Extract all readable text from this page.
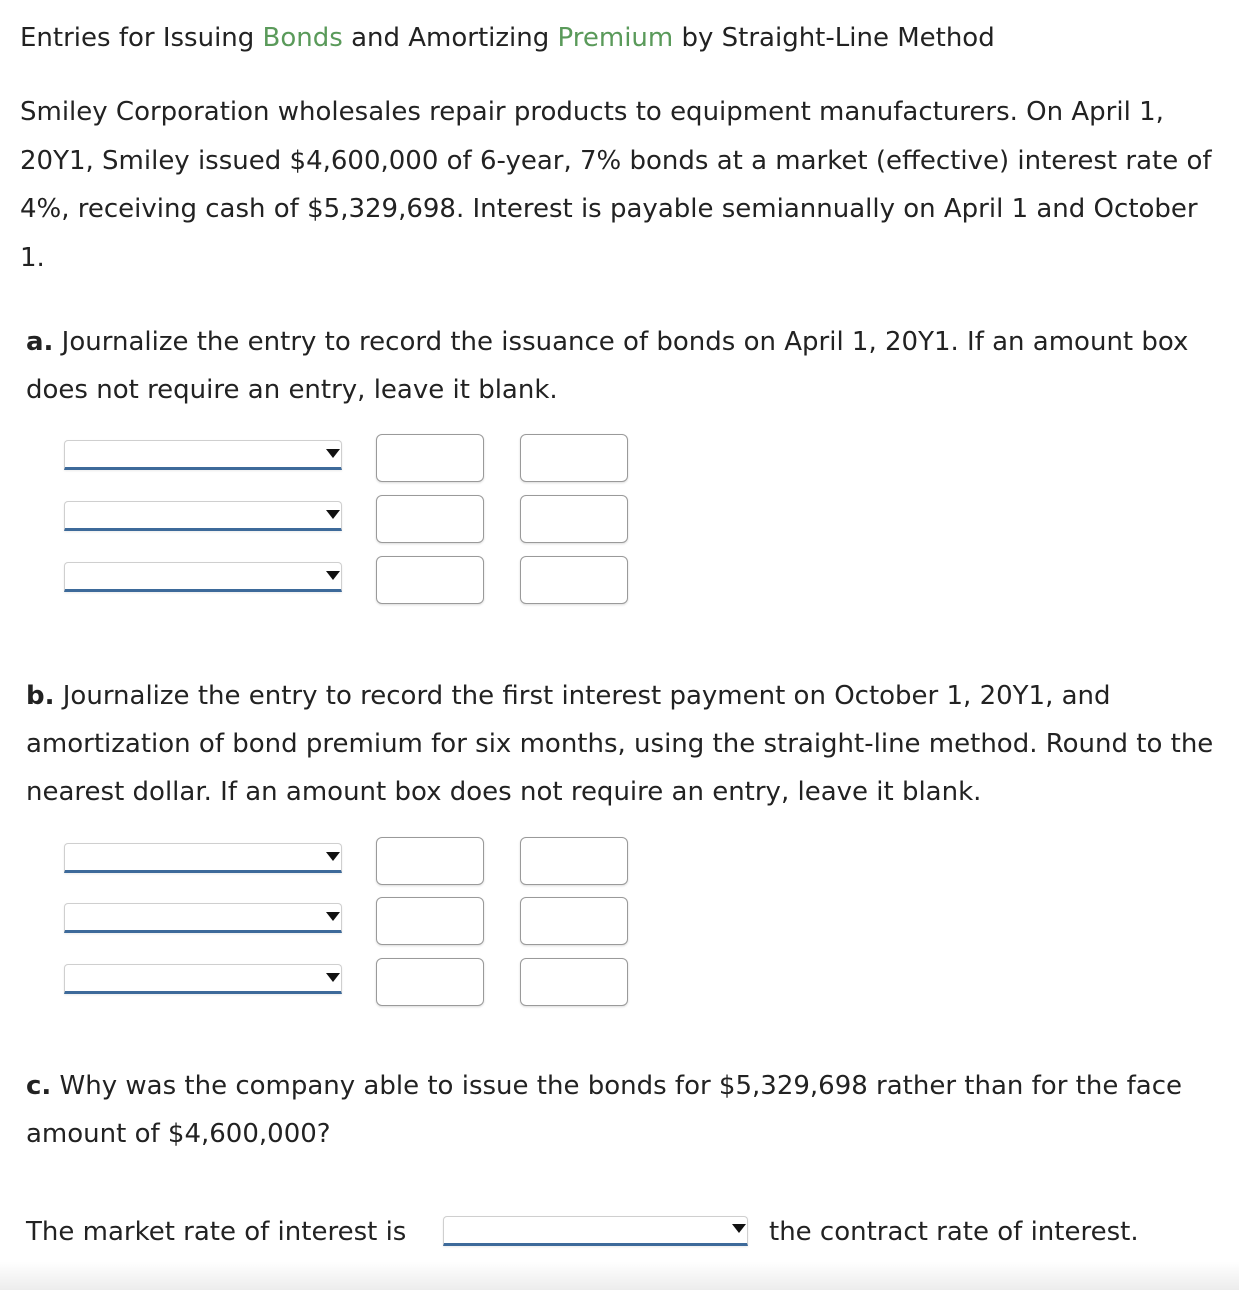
Entries for Issuing Bonds and Amortizing Premium by Straight-Line Method
Smiley Corporation wholesales repair products to equipment manufacturers. On April 1, 20Y1, Smiley issued $4,600,000 of 6-year, 7% bonds at a market (effective) interest rate of 4%, receiving cash of $5,329,698. Interest is payable semiannually on April 1 and October 1.
a. Journalize the entry to record the issuance of bonds on April 1, 20Y1. If an amount box does not require an entry, leave it blank.
b. Journalize the entry to record the first interest payment on October 1, 20Y1, and amortization of bond premium for six months, using the straight-line method. Round to the nearest dollar. If an amount box does not require an entry, leave it blank.
c. Why was the company able to issue the bonds for $5,329,698 rather than for the face amount of $4,600,000?
The market rate of interest is	the contract rate of interest.
